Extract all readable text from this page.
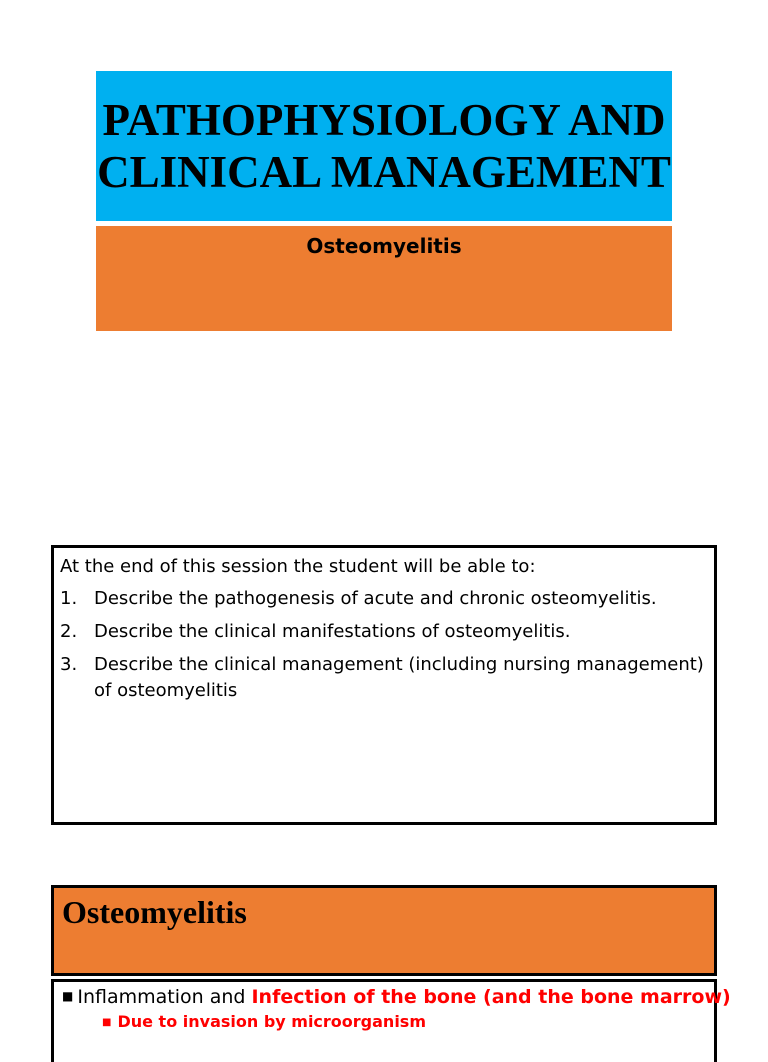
PATHOPHYSIOLOGY AND CLINICAL MANAGEMENT
Osteomyelitis

At the end of this session the student will be able to:

1. Describe the pathogenesis of acute and chronic osteomyelitis.
2. Describe the clinical manifestations of osteomyelitis.
3. Describe the clinical management (including nursing management) of osteomyelitis
Osteomyelitis
■ Inflammation and Infection of the bone (and the bone marrow)
■ Due to invasion by microorganism
